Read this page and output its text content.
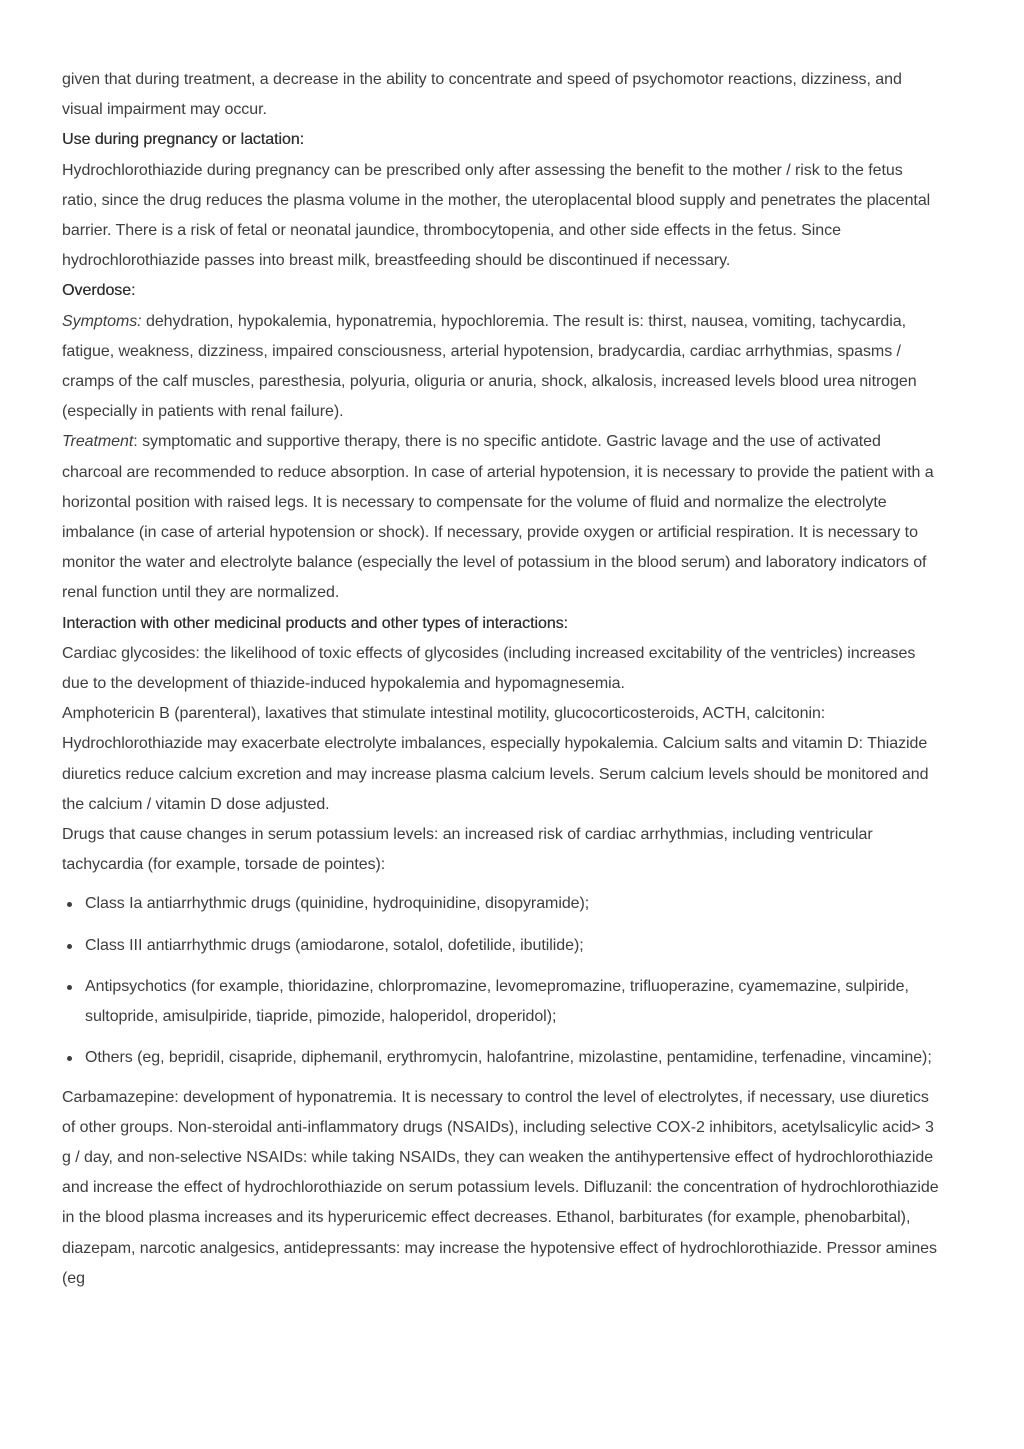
given that during treatment, a decrease in the ability to concentrate and speed of psychomotor reactions, dizziness, and visual impairment may occur.

Use during pregnancy or lactation:

Hydrochlorothiazide during pregnancy can be prescribed only after assessing the benefit to the mother / risk to the fetus ratio, since the drug reduces the plasma volume in the mother, the uteroplacental blood supply and penetrates the placental barrier. There is a risk of fetal or neonatal jaundice, thrombocytopenia, and other side effects in the fetus. Since hydrochlorothiazide passes into breast milk, breastfeeding should be discontinued if necessary.

Overdose:

Symptoms: dehydration, hypokalemia, hyponatremia, hypochloremia. The result is: thirst, nausea, vomiting, tachycardia, fatigue, weakness, dizziness, impaired consciousness, arterial hypotension, bradycardia, cardiac arrhythmias, spasms / cramps of the calf muscles, paresthesia, polyuria, oliguria or anuria, shock, alkalosis, increased levels blood urea nitrogen (especially in patients with renal failure).

Treatment: symptomatic and supportive therapy, there is no specific antidote. Gastric lavage and the use of activated charcoal are recommended to reduce absorption. In case of arterial hypotension, it is necessary to provide the patient with a horizontal position with raised legs. It is necessary to compensate for the volume of fluid and normalize the electrolyte imbalance (in case of arterial hypotension or shock). If necessary, provide oxygen or artificial respiration. It is necessary to monitor the water and electrolyte balance (especially the level of potassium in the blood serum) and laboratory indicators of renal function until they are normalized.

Interaction with other medicinal products and other types of interactions:

Cardiac glycosides: the likelihood of toxic effects of glycosides (including increased excitability of the ventricles) increases due to the development of thiazide-induced hypokalemia and hypomagnesemia.

Amphotericin B (parenteral), laxatives that stimulate intestinal motility, glucocorticosteroids, ACTH, calcitonin: Hydrochlorothiazide may exacerbate electrolyte imbalances, especially hypokalemia. Calcium salts and vitamin D: Thiazide diuretics reduce calcium excretion and may increase plasma calcium levels. Serum calcium levels should be monitored and the calcium / vitamin D dose adjusted.

Drugs that cause changes in serum potassium levels: an increased risk of cardiac arrhythmias, including ventricular tachycardia (for example, torsade de pointes):

Class Ia antiarrhythmic drugs (quinidine, hydroquinidine, disopyramide);
Class III antiarrhythmic drugs (amiodarone, sotalol, dofetilide, ibutilide);
Antipsychotics (for example, thioridazine, chlorpromazine, levomepromazine, trifluoperazine, cyamemazine, sulpiride, sultopride, amisulpiride, tiapride, pimozide, haloperidol, droperidol);
Others (eg, bepridil, cisapride, diphemanil, erythromycin, halofantrine, mizolastine, pentamidine, terfenadine, vincamine);

Carbamazepine: development of hyponatremia. It is necessary to control the level of electrolytes, if necessary, use diuretics of other groups. Non-steroidal anti-inflammatory drugs (NSAIDs), including selective COX-2 inhibitors, acetylsalicylic acid> 3 g / day, and non-selective NSAIDs: while taking NSAIDs, they can weaken the antihypertensive effect of hydrochlorothiazide and increase the effect of hydrochlorothiazide on serum potassium levels. Difluzanil: the concentration of hydrochlorothiazide in the blood plasma increases and its hyperuricemic effect decreases. Ethanol, barbiturates (for example, phenobarbital), diazepam, narcotic analgesics, antidepressants: may increase the hypotensive effect of hydrochlorothiazide. Pressor amines (eg
